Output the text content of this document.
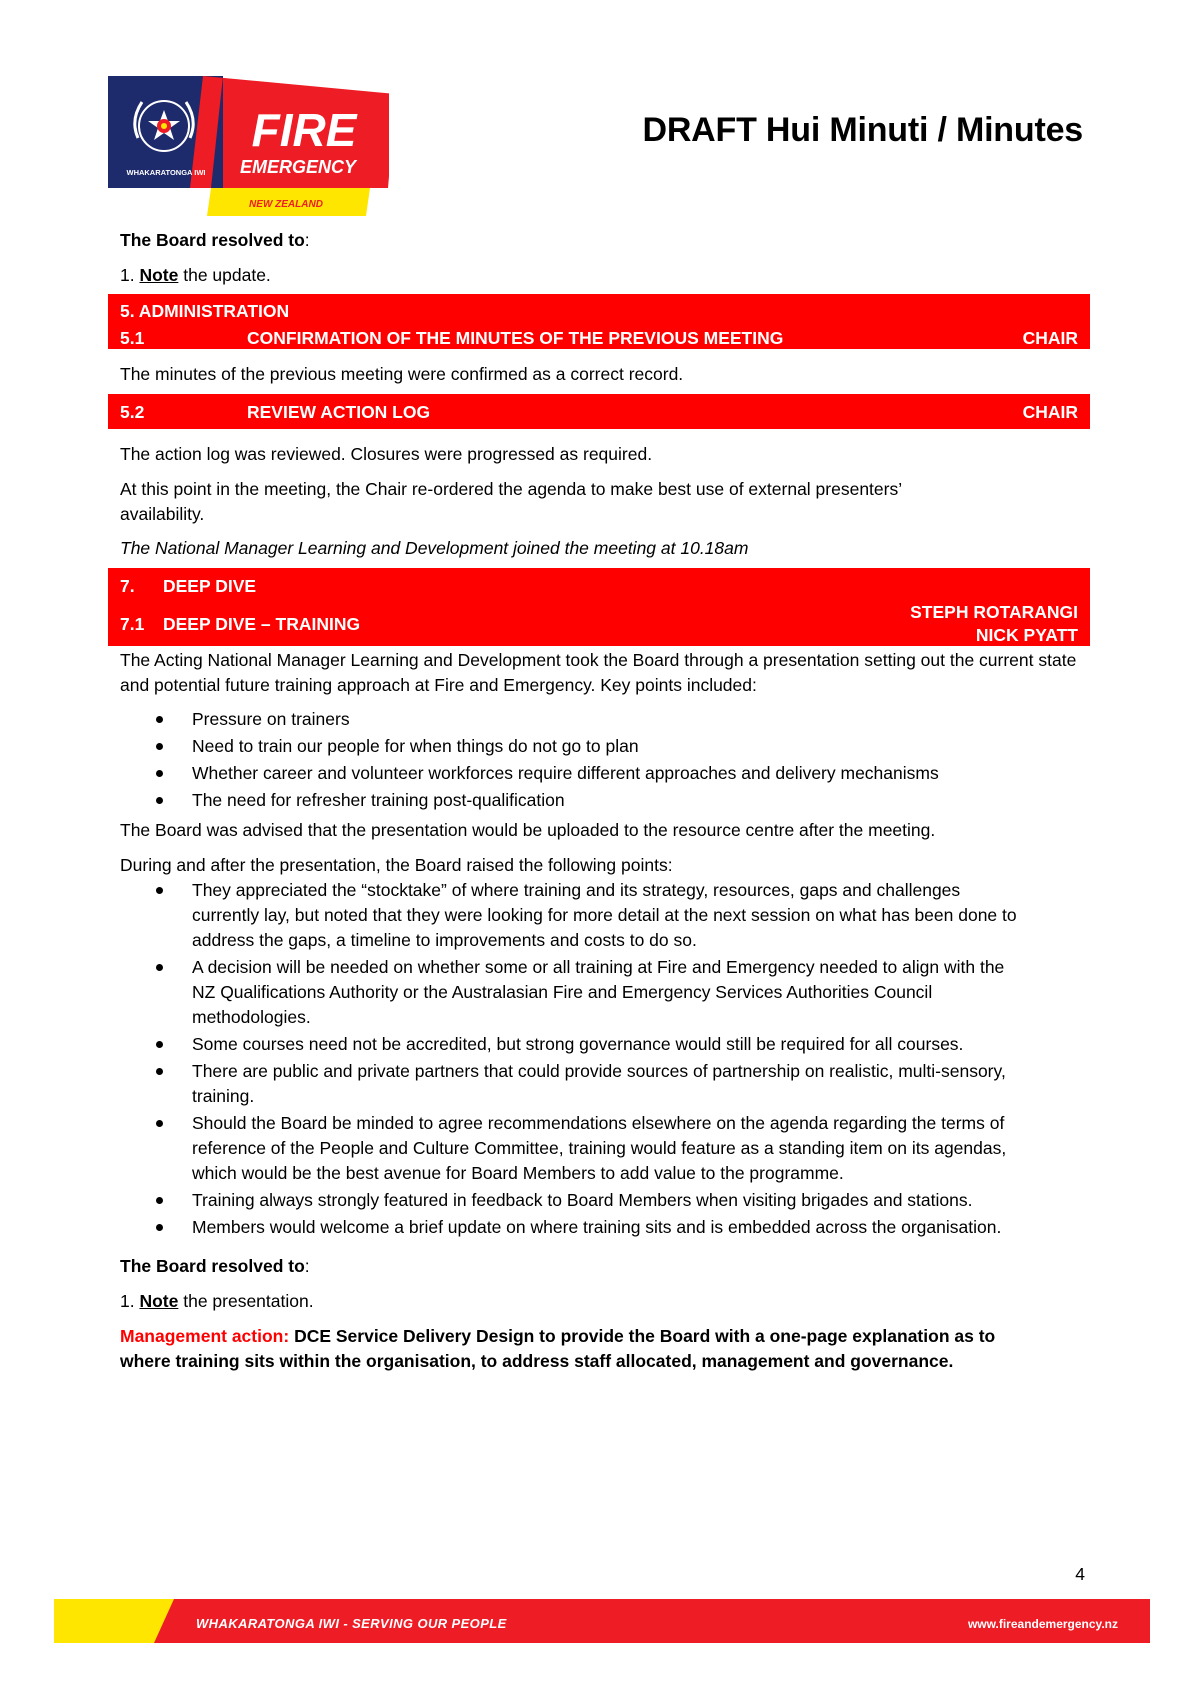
WHAKARATONGA IWI
FIRE
EMERGENCY
NEW ZEALAND
DRAFT Hui Minuti / Minutes

The Board resolved to:

1. Note the update.

5. ADMINISTRATION
5.1	CONFIRMATION OF THE MINUTES OF THE PREVIOUS MEETING	CHAIR

The minutes of the previous meeting were confirmed as a correct record.

5.2	REVIEW ACTION LOG	CHAIR

The action log was reviewed. Closures were progressed as required.

At this point in the meeting, the Chair re-ordered the agenda to make best use of external presenters’ availability.

The National Manager Learning and Development joined the meeting at 10.18am

7. DEEP DIVE
7.1 DEEP DIVE – TRAINING
STEPH ROTARANGI
NICK PYATT

The Acting National Manager Learning and Development took the Board through a presentation setting out the current state and potential future training approach at Fire and Emergency. Key points included:

Pressure on trainers
Need to train our people for when things do not go to plan
Whether career and volunteer workforces require different approaches and delivery mechanisms
The need for refresher training post-qualification

The Board was advised that the presentation would be uploaded to the resource centre after the meeting.

During and after the presentation, the Board raised the following points:

They appreciated the “stocktake” of where training and its strategy, resources, gaps and challenges currently lay, but noted that they were looking for more detail at the next session on what has been done to address the gaps, a timeline to improvements and costs to do so.
A decision will be needed on whether some or all training at Fire and Emergency needed to align with the NZ Qualifications Authority or the Australasian Fire and Emergency Services Authorities Council methodologies.
Some courses need not be accredited, but strong governance would still be required for all courses.
There are public and private partners that could provide sources of partnership on realistic, multi-sensory, training.
Should the Board be minded to agree recommendations elsewhere on the agenda regarding the terms of reference of the People and Culture Committee, training would feature as a standing item on its agendas, which would be the best avenue for Board Members to add value to the programme.
Training always strongly featured in feedback to Board Members when visiting brigades and stations.
Members would welcome a brief update on where training sits and is embedded across the organisation.

The Board resolved to:

1. Note the presentation.

Management action: DCE Service Delivery Design to provide the Board with a one-page explanation as to where training sits within the organisation, to address staff allocated, management and governance.

4
WHAKARATONGA IWI - SERVING OUR PEOPLE	www.fireandemergency.nz
